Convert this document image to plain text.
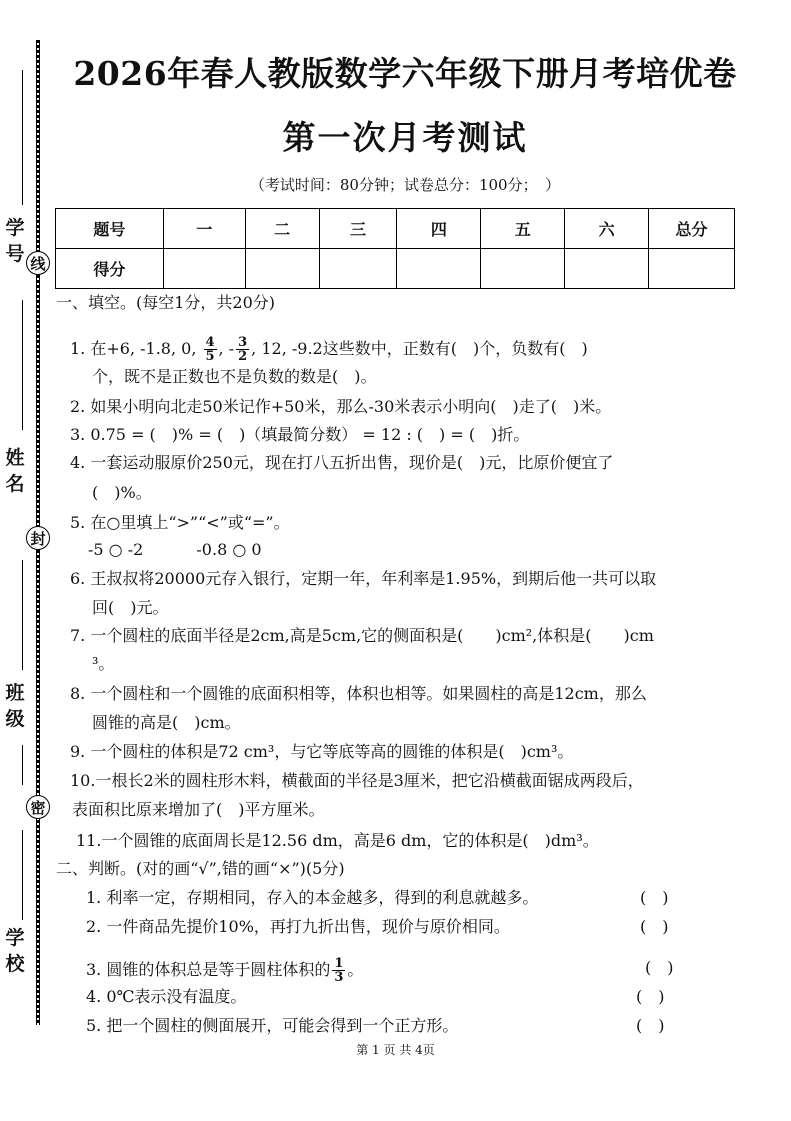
学号 线
姓名
封
班级
密
学校
2026年春人教版数学六年级下册月考培优卷
第一次月考测试
（考试时间：80分钟；试卷总分：100分；　）
题号	一	二	三	四	五	六	总分
得分							
一、填空。(每空1分，共20分)
1. 在+6, -1.8, 0, $\frac{4}{5}$ , - $\frac{3}{2}$ , 12, -9.2这些数中，正数有(　)个，负数有(　)
个，既不是正数也不是负数的数是(　)。
2. 如果小明向北走50米记作+50米，那么-30米表示小明向(　)走了(　)米。
3. 0.75 = (　)% = (　)（填最简分数） = 12 : (　) = (　)折。
4. 一套运动服原价250元，现在打八五折出售，现价是(　)元，比原价便宜了
(　)%。
5. 在○里填上“>”“<”或“=”。
-5 ○ -2　　　 -0.8 ○ 0
6. 王叔叔将20000元存入银行，定期一年，年利率是1.95%，到期后他一共可以取
回(　)元。
7. 一个圆柱的底面半径是2cm,高是5cm,它的侧面积是(　　)cm²,体积是(　　)cm
³。
8. 一个圆柱和一个圆锥的底面积相等，体积也相等。如果圆柱的高是12cm，那么
圆锥的高是(　)cm。
9. 一个圆柱的体积是72 cm³，与它等底等高的圆锥的体积是(　)cm³。
10.一根长2米的圆柱形木料，横截面的半径是3厘米，把它沿横截面锯成两段后，
表面积比原来增加了(　)平方厘米。
11.一个圆锥的底面周长是12.56 dm，高是6 dm，它的体积是(　)dm³。
二、判断。(对的画“√”,错的画“×”)(5分)
1. 利率一定，存期相同，存入的本金越多，得到的利息就越多。	(　)
2. 一件商品先提价10%，再打九折出售，现价与原价相同。	(　)
3. 圆锥的体积总是等于圆柱体积的 $\frac{1}{3}$ 。	(　)
4. 0℃表示没有温度。	(　)
5. 把一个圆柱的侧面展开，可能会得到一个正方形。	(　)
第 1 页 共 4页
